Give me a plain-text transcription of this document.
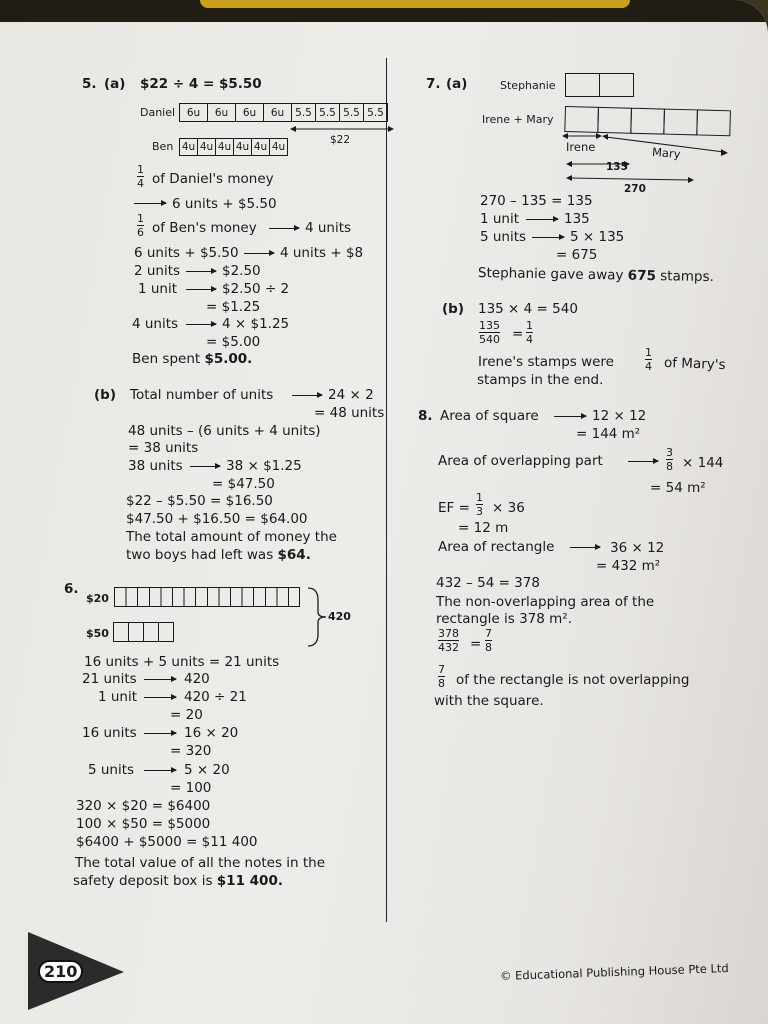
5. (a) $22 ÷ 4 = $5.50
Daniel	6u	6u	6u	6u	5.5 5.5 5.5 5.5
$22
Ben 4u 4u 4u 4u 4u 4u
1
4 of Daniel's money
6 units + $5.50
1
6 of Ben's money	4 units
6 units + $5.50	4 units + $8
2 units	$2.50
1 unit	$2.50 ÷ 2
= $1.25
4 units	4 × $1.25
= $5.00
Ben spent $5.00.
(b) Total number of units	24 × 2
= 48 units
48 units – (6 units + 4 units)
= 38 units
38 units	38 × $1.25
= $47.50
$22 – $5.50 = $16.50
$47.50 + $16.50 = $64.00
The total amount of money the
two boys had left was $64.
6.
$20
$50
420
16 units + 5 units = 21 units
21 units	420
1 unit	420 ÷ 21
= 20
16 units	16 × 20
= 320
5 units	5 × 20
= 100
320 × $20 = $6400
100 × $50 = $5000
$6400 + $5000 = $11 400
The total value of all the notes in the
safety deposit box is $11 400.
7. (a)	Stephanie
Irene + Mary
Irene	Mary
135
270
270 – 135 = 135
1 unit	135
5 units	5 × 135
= 675
Stephanie gave away 675 stamps.
(b) 135 × 4 = 540
135
540 =
1
4
Irene's stamps were
1
4 of Mary's
stamps in the end.
8. Area of square	12 × 12
= 144 m²
Area of overlapping part
3
8 × 144
= 54 m²
EF =
1
3 × 36
= 12 m
Area of rectangle	36 × 12
= 432 m²
432 – 54 = 378
The non-overlapping area of the
rectangle is 378 m².
378
432 =
7
8
7
8 of the rectangle is not overlapping
with the square.
210	© Educational Publishing House Pte Ltd
